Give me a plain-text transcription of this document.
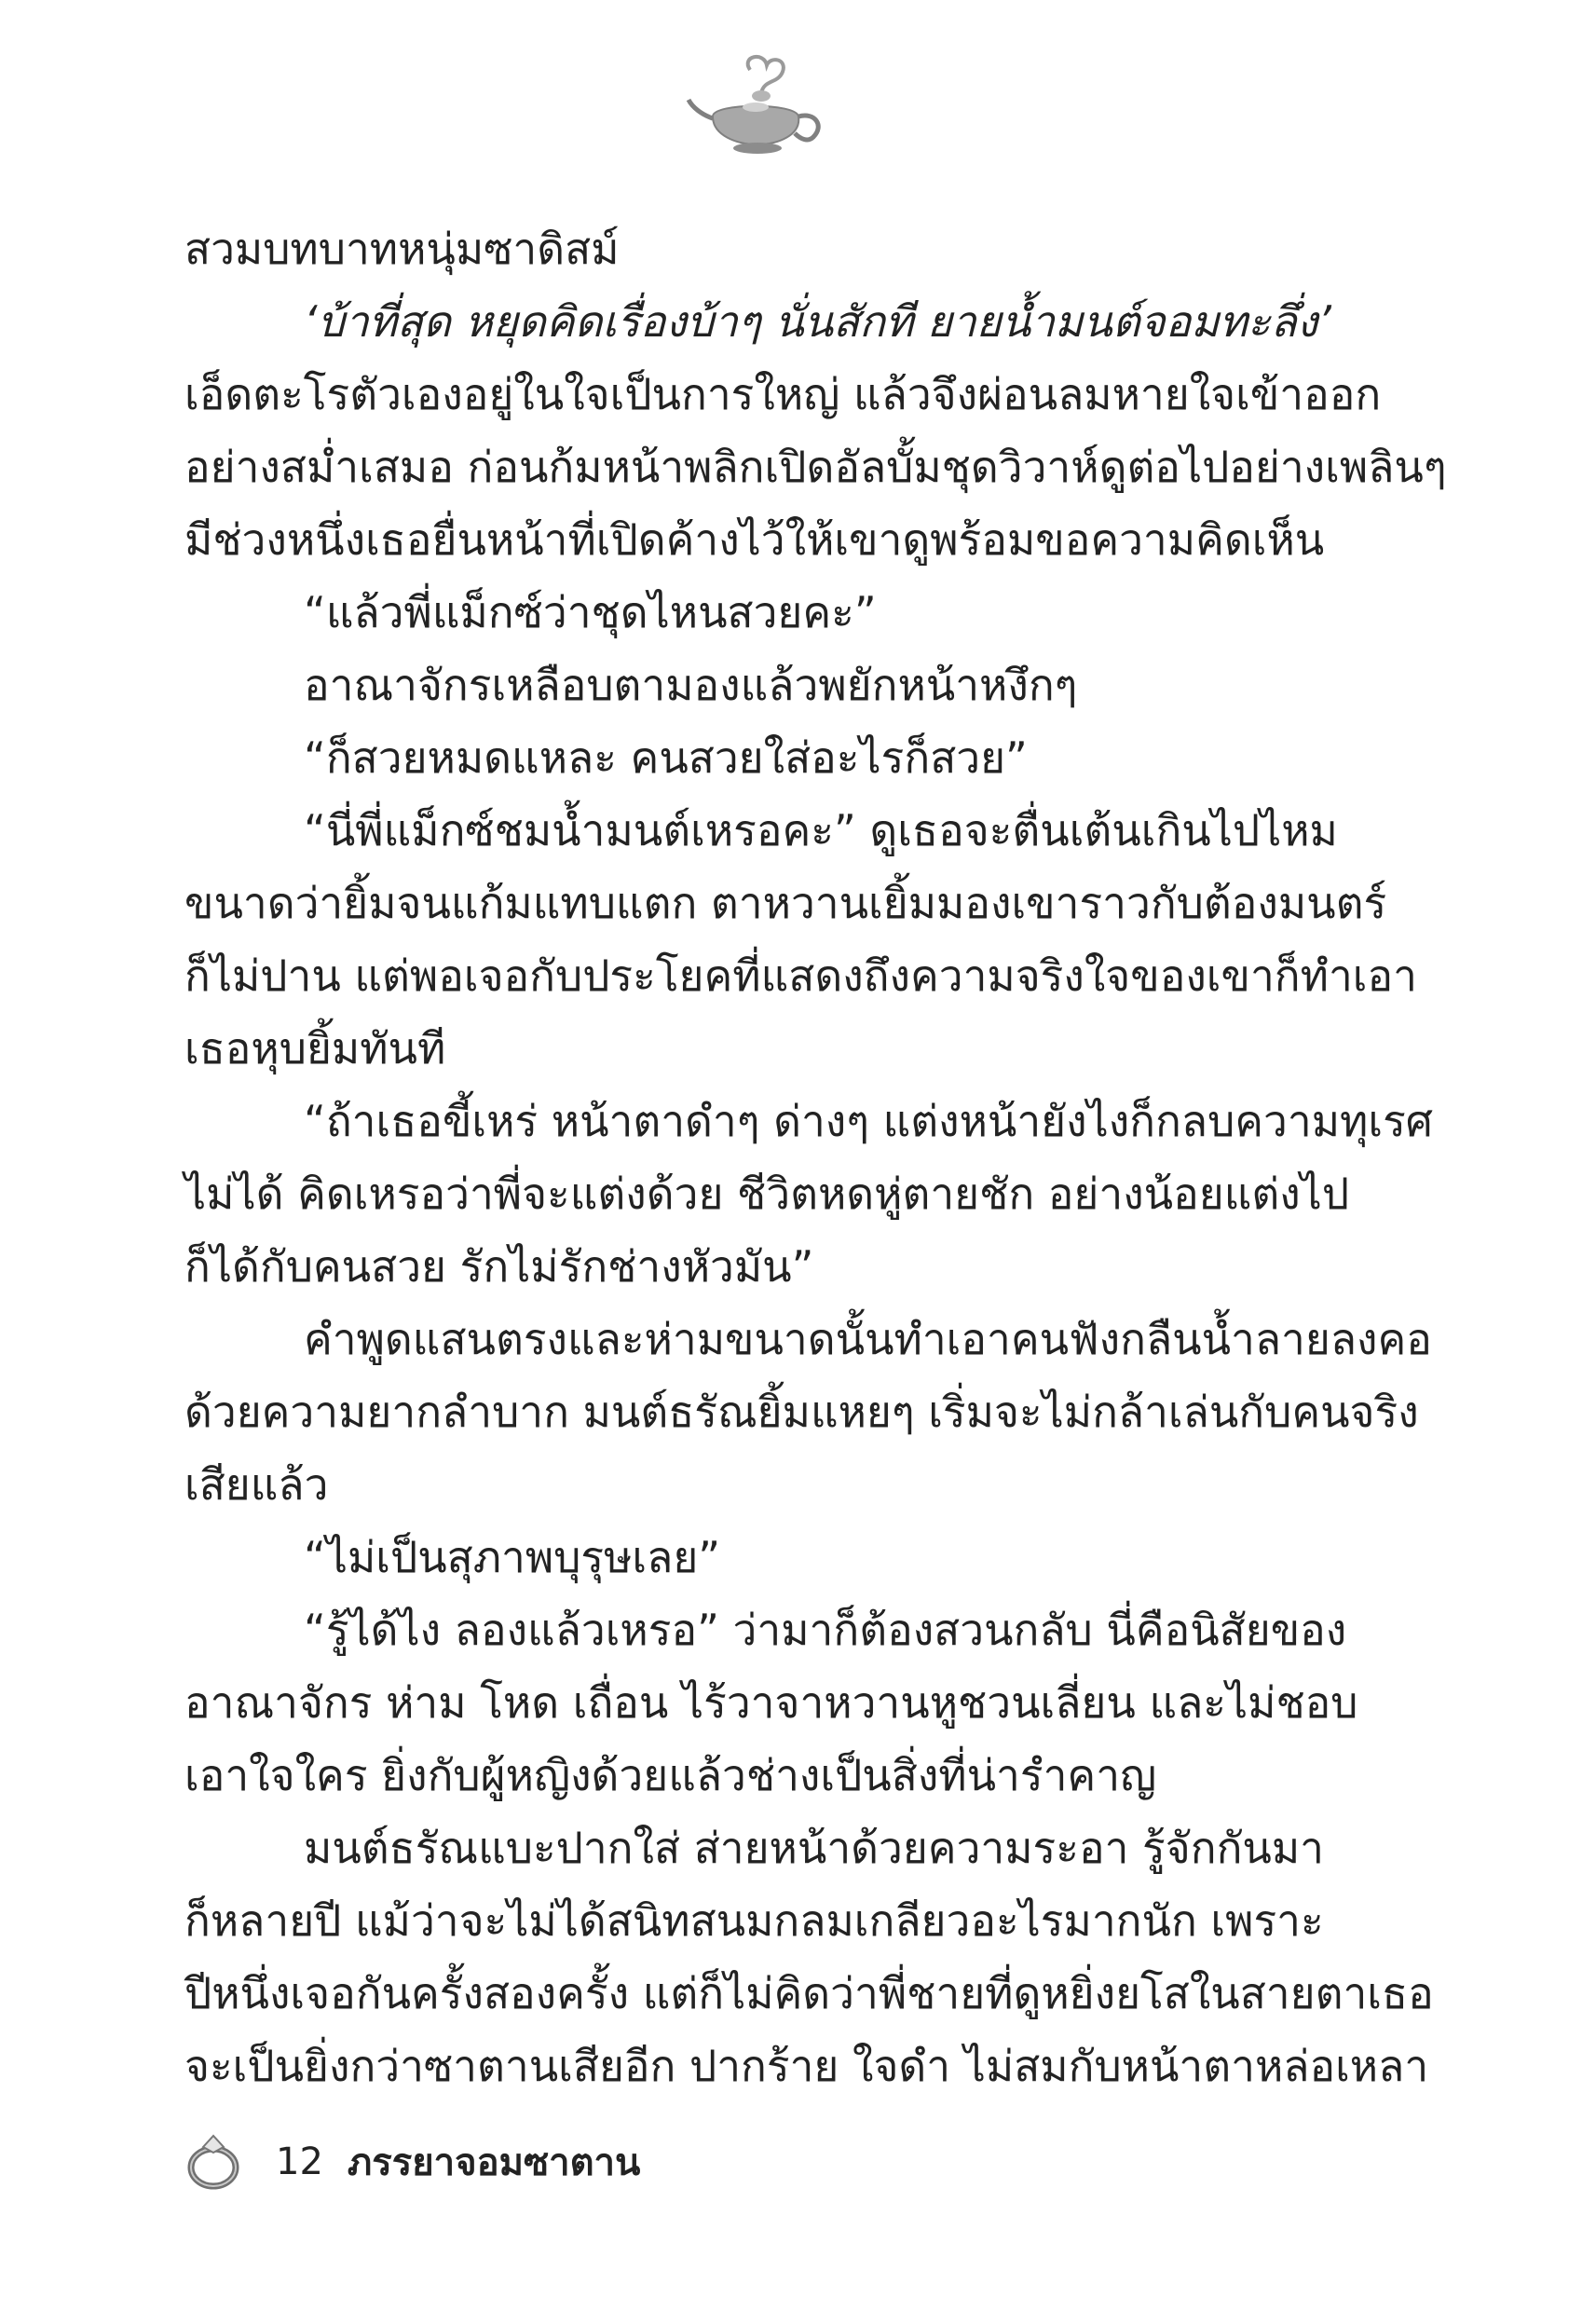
สวมบทบาทหนุ่มซาดิสม์
‘บ้าที่สุด หยุดคิดเรื่องบ้าๆ นั่นสักที ยายน้ำมนต์จอมทะลึ่ง’
เอ็ดตะโรตัวเองอยู่ในใจเป็นการใหญ่ แล้วจึงผ่อนลมหายใจเข้าออก
อย่างสม่ำเสมอ ก่อนก้มหน้าพลิกเปิดอัลบั้มชุดวิวาห์ดูต่อไปอย่างเพลินๆ
มีช่วงหนึ่งเธอยื่นหน้าที่เปิดค้างไว้ให้เขาดูพร้อมขอความคิดเห็น
“แล้วพี่แม็กซ์ว่าชุดไหนสวยคะ”
อาณาจักรเหลือบตามองแล้วพยักหน้าหงึกๆ
“ก็สวยหมดแหละ คนสวยใส่อะไรก็สวย”
“นี่พี่แม็กซ์ชมน้ำมนต์เหรอคะ” ดูเธอจะตื่นเต้นเกินไปไหม
ขนาดว่ายิ้มจนแก้มแทบแตก ตาหวานเยิ้มมองเขาราวกับต้องมนตร์
ก็ไม่ปาน แต่พอเจอกับประโยคที่แสดงถึงความจริงใจของเขาก็ทำเอา
เธอหุบยิ้มทันที
“ถ้าเธอขี้เหร่ หน้าตาดำๆ ด่างๆ แต่งหน้ายังไงก็กลบความทุเรศ
ไม่ได้ คิดเหรอว่าพี่จะแต่งด้วย ชีวิตหดหู่ตายชัก อย่างน้อยแต่งไป
ก็ได้กับคนสวย รักไม่รักช่างหัวมัน”
คำพูดแสนตรงและห่ามขนาดนั้นทำเอาคนฟังกลืนน้ำลายลงคอ
ด้วยความยากลำบาก มนต์ธรัณยิ้มแหยๆ เริ่มจะไม่กล้าเล่นกับคนจริง
เสียแล้ว
“ไม่เป็นสุภาพบุรุษเลย”
“รู้ได้ไง ลองแล้วเหรอ” ว่ามาก็ต้องสวนกลับ นี่คือนิสัยของ
อาณาจักร ห่าม โหด เถื่อน ไร้วาจาหวานหูชวนเลี่ยน และไม่ชอบ
เอาใจใคร ยิ่งกับผู้หญิงด้วยแล้วช่างเป็นสิ่งที่น่ารำคาญ
มนต์ธรัณแบะปากใส่ ส่ายหน้าด้วยความระอา รู้จักกันมา
ก็หลายปี แม้ว่าจะไม่ได้สนิทสนมกลมเกลียวอะไรมากนัก เพราะ
ปีหนึ่งเจอกันครั้งสองครั้ง แต่ก็ไม่คิดว่าพี่ชายที่ดูหยิ่งยโสในสายตาเธอ
จะเป็นยิ่งกว่าซาตานเสียอีก ปากร้าย ใจดำ ไม่สมกับหน้าตาหล่อเหลา
12 ภรรยาจอมซาตาน
